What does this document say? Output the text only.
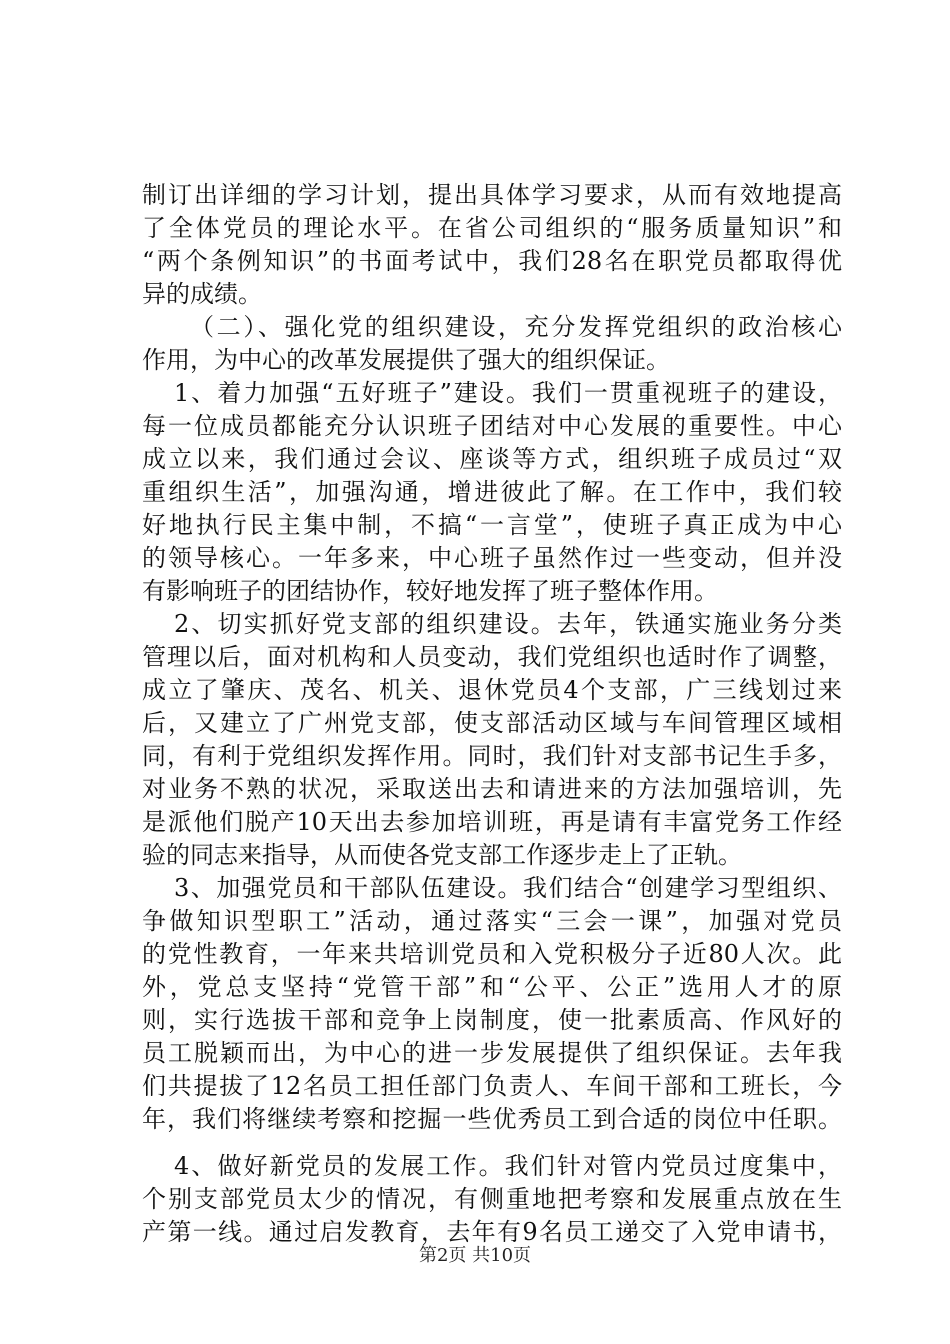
制订出详细的学习计划，提出具体学习要求，从而有效地提高
了全体党员的理论水平。在省公司组织的“服务质量知识”和
“两个条例知识”的书面考试中，我们28名在职党员都取得优
异的成绩。
（二）、强化党的组织建设，充分发挥党组织的政治核心
作用，为中心的改革发展提供了强大的组织保证。
1、着力加强“五好班子”建设。我们一贯重视班子的建设，
每一位成员都能充分认识班子团结对中心发展的重要性。中心
成立以来，我们通过会议、座谈等方式，组织班子成员过“双
重组织生活”，加强沟通，增进彼此了解。在工作中，我们较
好地执行民主集中制，不搞“一言堂”，使班子真正成为中心
的领导核心。一年多来，中心班子虽然作过一些变动，但并没
有影响班子的团结协作，较好地发挥了班子整体作用。
2、切实抓好党支部的组织建设。去年，铁通实施业务分类
管理以后，面对机构和人员变动，我们党组织也适时作了调整，
成立了肇庆、茂名、机关、退休党员4个支部，广三线划过来
后，又建立了广州党支部，使支部活动区域与车间管理区域相
同，有利于党组织发挥作用。同时，我们针对支部书记生手多，
对业务不熟的状况，采取送出去和请进来的方法加强培训，先
是派他们脱产10天出去参加培训班，再是请有丰富党务工作经
验的同志来指导，从而使各党支部工作逐步走上了正轨。
3、加强党员和干部队伍建设。我们结合“创建学习型组织、
争做知识型职工”活动，通过落实“三会一课”，加强对党员
的党性教育，一年来共培训党员和入党积极分子近80人次。此
外，党总支坚持“党管干部”和“公平、公正”选用人才的原
则，实行选拔干部和竞争上岗制度，使一批素质高、作风好的
员工脱颖而出，为中心的进一步发展提供了组织保证。去年我
们共提拔了12名员工担任部门负责人、车间干部和工班长，今
年，我们将继续考察和挖掘一些优秀员工到合适的岗位中任职。
4、做好新党员的发展工作。我们针对管内党员过度集中，
个别支部党员太少的情况，有侧重地把考察和发展重点放在生
产第一线。通过启发教育，去年有9名员工递交了入党申请书，
第2页 共10页
